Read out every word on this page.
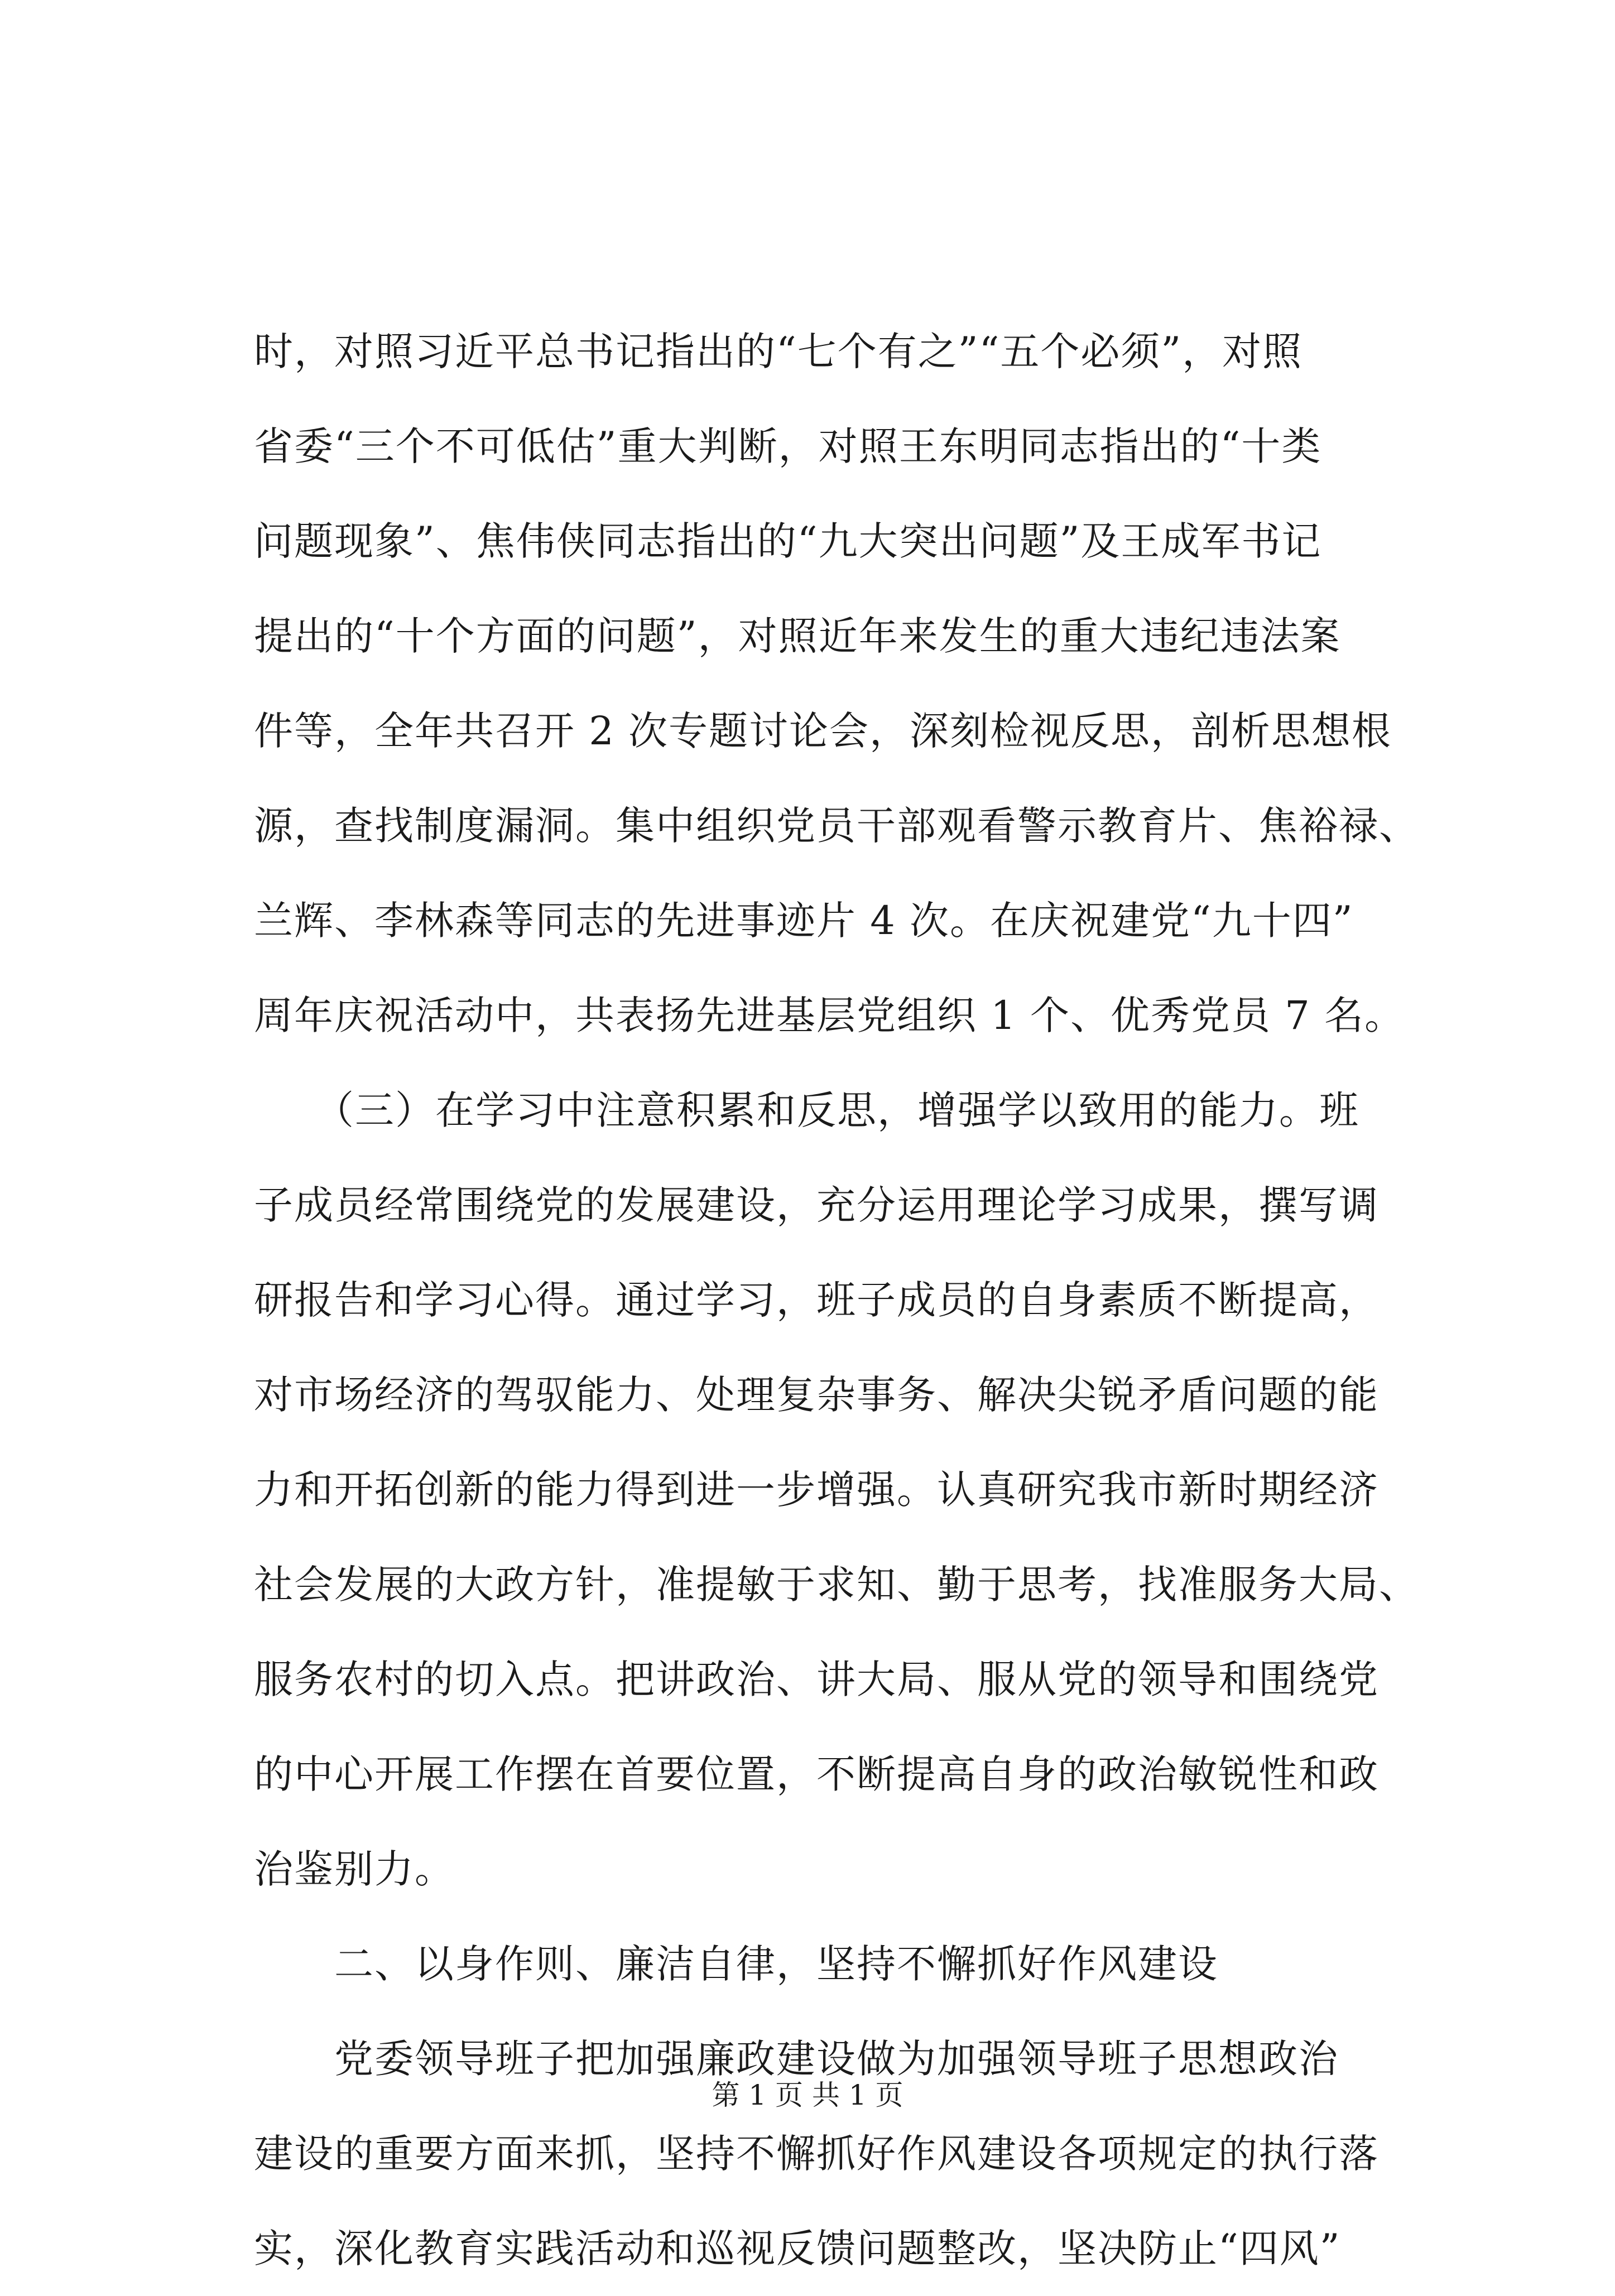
时，对照习近平总书记指出的“七个有之”“五个必须”，对照
省委“三个不可低估”重大判断，对照王东明同志指出的“十类
问题现象”、焦伟侠同志指出的“九大突出问题”及王成军书记
提出的“十个方面的问题”，对照近年来发生的重大违纪违法案
件等，全年共召开 2 次专题讨论会，深刻检视反思，剖析思想根
源，查找制度漏洞。集中组织党员干部观看警示教育片、焦裕禄、
兰辉、李林森等同志的先进事迹片 4 次。在庆祝建党“九十四”
周年庆祝活动中，共表扬先进基层党组织 1 个、优秀党员 7 名。
　　（三）在学习中注意积累和反思，增强学以致用的能力。班
子成员经常围绕党的发展建设，充分运用理论学习成果，撰写调
研报告和学习心得。通过学习，班子成员的自身素质不断提高，
对市场经济的驾驭能力、处理复杂事务、解决尖锐矛盾问题的能
力和开拓创新的能力得到进一步增强。认真研究我市新时期经济
社会发展的大政方针，准提敏于求知、勤于思考，找准服务大局、
服务农村的切入点。把讲政治、讲大局、服从党的领导和围绕党
的中心开展工作摆在首要位置，不断提高自身的政治敏锐性和政
治鉴别力。
　　二、以身作则、廉洁自律，坚持不懈抓好作风建设
　　党委领导班子把加强廉政建设做为加强领导班子思想政治
建设的重要方面来抓，坚持不懈抓好作风建设各项规定的执行落
实，深化教育实践活动和巡视反馈问题整改，坚决防止“四风”
第 1 页 共 1 页
